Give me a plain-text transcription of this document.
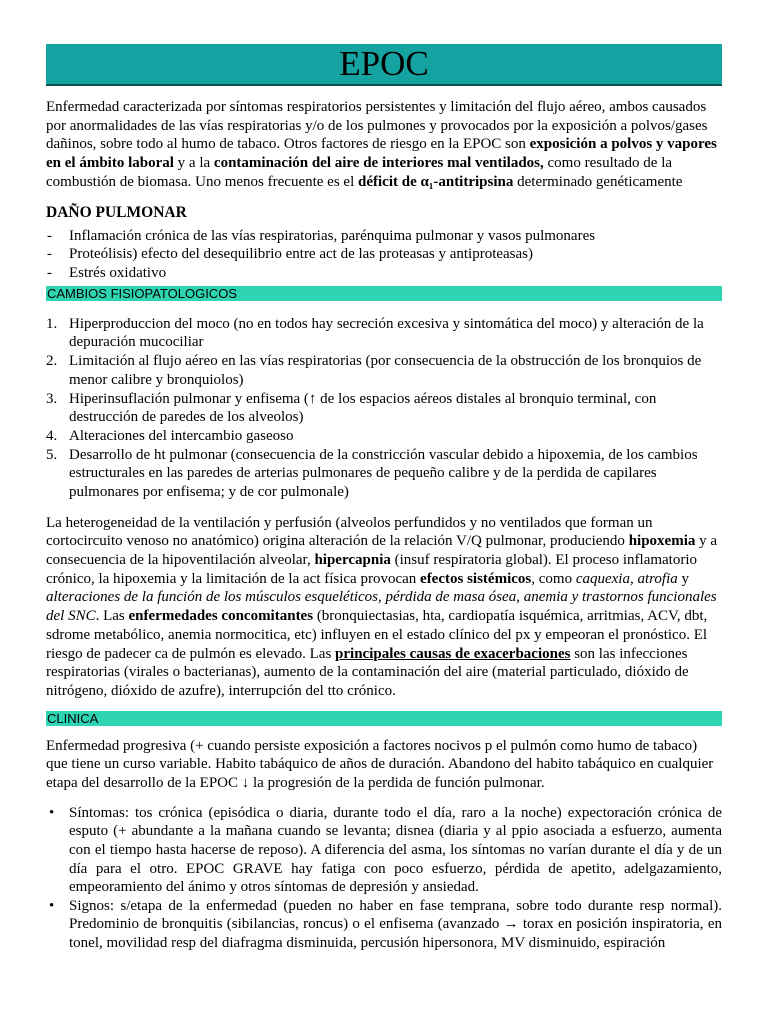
EPOC

Enfermedad caracterizada por síntomas respiratorios persistentes y limitación del flujo aéreo, ambos causados por anormalidades de las vías respiratorias y/o de los pulmones y provocados por la exposición a polvos/gases dañinos, sobre todo al humo de tabaco. Otros factores de riesgo en la EPOC son exposición a polvos y vapores en el ámbito laboral y a la contaminación del aire de interiores mal ventilados, como resultado de la combustión de biomasa. Uno menos frecuente es el déficit de α₁-antitripsina determinado genéticamente

DAÑO PULMONAR
- Inflamación crónica de las vías respiratorias, parénquima pulmonar y vasos pulmonares
- Proteólisis) efecto del desequilibrio entre act de las proteasas y antiproteasas)
- Estrés oxidativo
CAMBIOS FISIOPATOLOGICOS
1. Hiperproduccion del moco (no en todos hay secreción excesiva y sintomática del moco) y alteración de la depuración mucociliar
2. Limitación al flujo aéreo en las vías respiratorias (por consecuencia de la obstrucción de los bronquios de menor calibre y bronquiolos)
3. Hiperinsuflación pulmonar y enfisema (↑ de los espacios aéreos distales al bronquio terminal, con destrucción de paredes de los alveolos)
4. Alteraciones del intercambio gaseoso
5. Desarrollo de ht pulmonar (consecuencia de la constricción vascular debido a hipoxemia, de los cambios estructurales en las paredes de arterias pulmonares de pequeño calibre y de la perdida de capilares pulmonares por enfisema; y de cor pulmonale)

La heterogeneidad de la ventilación y perfusión (alveolos perfundidos y no ventilados que forman un cortocircuito venoso no anatómico) origina alteración de la relación V/Q pulmonar, produciendo hipoxemia y a consecuencia de la hipoventilación alveolar, hipercapnia (insuf respiratoria global). El proceso inflamatorio crónico, la hipoxemia y la limitación de la act física provocan efectos sistémicos, como caquexia, atrofia y alteraciones de la función de los músculos esqueléticos, pérdida de masa ósea, anemia y trastornos funcionales del SNC. Las enfermedades concomitantes (bronquiectasias, hta, cardiopatía isquémica, arritmias, ACV, dbt, sdrome metabólico, anemia normocitica, etc) influyen en el estado clínico del px y empeoran el pronóstico. El riesgo de padecer ca de pulmón es elevado. Las principales causas de exacerbaciones son las infecciones respiratorias (virales o bacterianas), aumento de la contaminación del aire (material particulado, dióxido de nitrógeno, dióxido de azufre), interrupción del tto crónico.

CLINICA

Enfermedad progresiva (+ cuando persiste exposición a factores nocivos p el pulmón como humo de tabaco) que tiene un curso variable. Habito tabáquico de años de duración. Abandono del habito tabáquico en cualquier etapa del desarrollo de la EPOC ↓ la progresión de la perdida de función pulmonar.

• Síntomas: tos crónica (episódica o diaria, durante todo el día, raro a la noche) expectoración crónica de esputo (+ abundante a la mañana cuando se levanta; disnea (diaria y al ppio asociada a esfuerzo, aumenta con el tiempo hasta hacerse de reposo). A diferencia del asma, los síntomas no varían durante el día y de un día para el otro. EPOC GRAVE hay fatiga con poco esfuerzo, pérdida de apetito, adelgazamiento, empeoramiento del ánimo y otros síntomas de depresión y ansiedad.
• Signos: s/etapa de la enfermedad (pueden no haber en fase temprana, sobre todo durante resp normal). Predominio de bronquitis (sibilancias, roncus) o el enfisema (avanzado → torax en posición inspiratoria, en tonel, movilidad resp del diafragma disminuida, percusión hipersonora, MV disminuido, espiración
